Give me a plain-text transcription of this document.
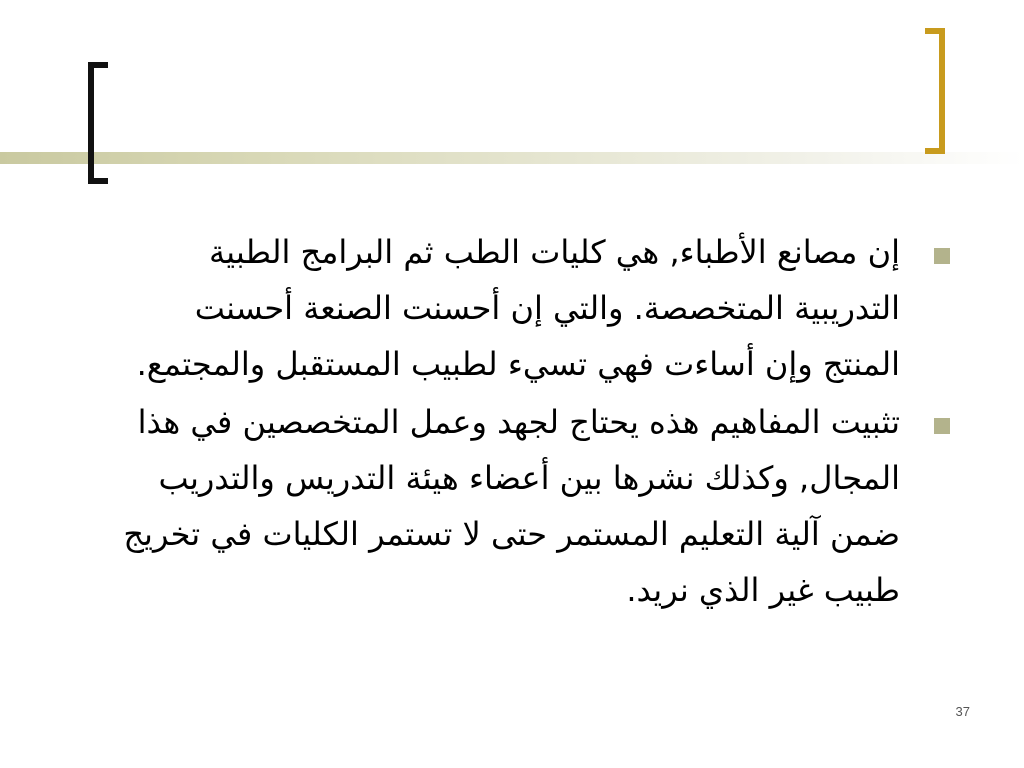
إن مصانع الأطباء, هي كليات الطب ثم البرامج الطبية التدريبية المتخصصة. والتي إن أحسنت الصنعة أحسنت المنتج وإن أساءت فهي تسيء لطبيب المستقبل والمجتمع.
تثبيت المفاهيم هذه يحتاج لجهد وعمل المتخصصين في هذا المجال, وكذلك نشرها بين أعضاء هيئة التدريس والتدريب ضمن آلية التعليم المستمر حتى لا تستمر الكليات في تخريج طبيب غير الذي نريد.
37
